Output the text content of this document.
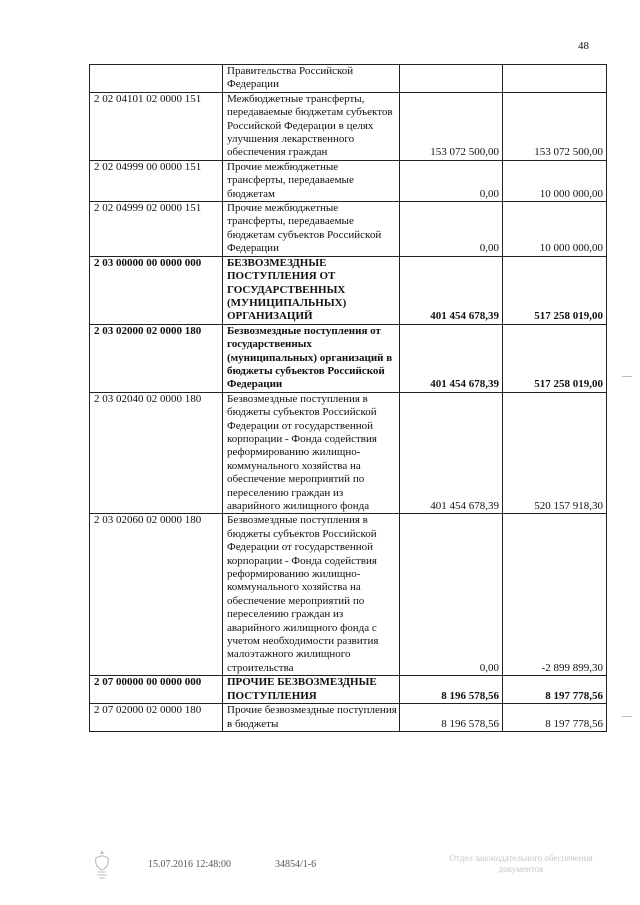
48
	Правительства Российской Федерации		
2 02 04101 02 0000 151	Межбюджетные трансферты, передаваемые бюджетам субъектов Российской Федерации в целях улучшения лекарственного обеспечения граждан	153 072 500,00	153 072 500,00
2 02 04999 00 0000 151	Прочие межбюджетные трансферты, передаваемые бюджетам	0,00	10 000 000,00
2 02 04999 02 0000 151	Прочие межбюджетные трансферты, передаваемые бюджетам субъектов Российской Федерации	0,00	10 000 000,00
2 03 00000 00 0000 000	БЕЗВОЗМЕЗДНЫЕ ПОСТУПЛЕНИЯ ОТ ГОСУДАРСТВЕННЫХ (МУНИЦИПАЛЬНЫХ) ОРГАНИЗАЦИЙ	401 454 678,39	517 258 019,00
2 03 02000 02 0000 180	Безвозмездные поступления от государственных (муниципальных) организаций в бюджеты субъектов Российской Федерации	401 454 678,39	517 258 019,00
2 03 02040 02 0000 180	Безвозмездные поступления в бюджеты субъектов Российской Федерации от государственной корпорации - Фонда содействия реформированию жилищно-коммунального хозяйства на обеспечение мероприятий по переселению граждан из аварийного жилищного фонда	401 454 678,39	520 157 918,30
2 03 02060 02 0000 180	Безвозмездные поступления в бюджеты субъектов Российской Федерации от государственной корпорации - Фонда содействия реформированию жилищно-коммунального хозяйства на обеспечение мероприятий по переселению граждан из аварийного жилищного фонда с учетом необходимости развития малоэтажного жилищного строительства	0,00	-2 899 899,30
2 07 00000 00 0000 000	ПРОЧИЕ БЕЗВОЗМЕЗДНЫЕ ПОСТУПЛЕНИЯ	8 196 578,56	8 197 778,56
2 07 02000 02 0000 180	Прочие безвозмездные поступления в бюджеты	8 196 578,56	8 197 778,56
15.07.2016 12:48:00	34854/1-6
Отдел законодательного обеспечения документов
